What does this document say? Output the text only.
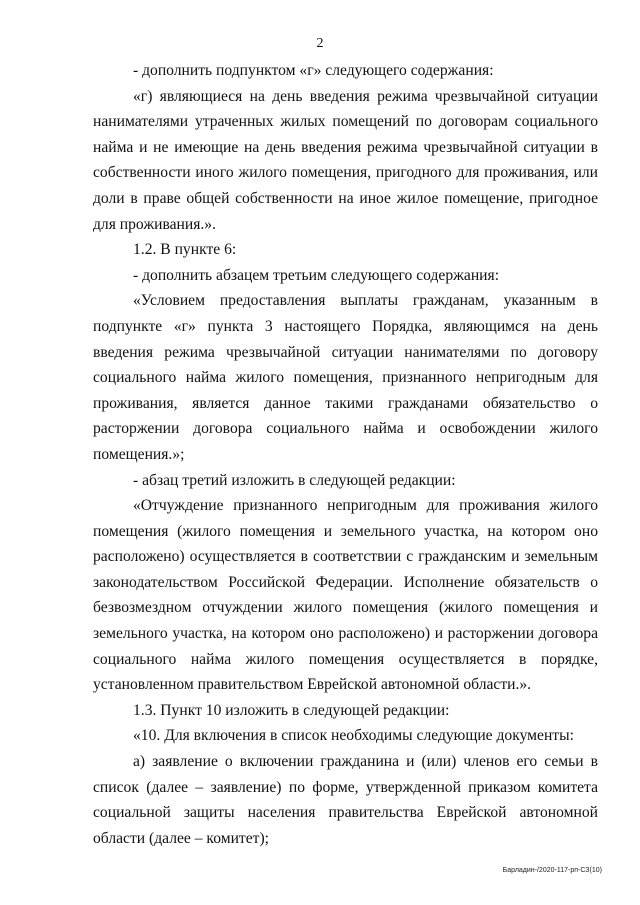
2

- дополнить подпунктом «г» следующего содержания:

«г) являющиеся на день введения режима чрезвычайной ситуации нанимателями утраченных жилых помещений по договорам социального найма и не имеющие на день введения режима чрезвычайной ситуации в собственности иного жилого помещения, пригодного для проживания, или доли в праве общей собственности на иное жилое помещение, пригодное для проживания.».

1.2. В пункте 6:

- дополнить абзацем третьим следующего содержания:

«Условием предоставления выплаты гражданам, указанным в подпункте «г» пункта 3 настоящего Порядка, являющимся на день введения режима чрезвычайной ситуации нанимателями по договору социального найма жилого помещения, признанного непригодным для проживания, является данное такими гражданами обязательство о расторжении договора социального найма и освобождении жилого помещения.»;

- абзац третий изложить в следующей редакции:

«Отчуждение признанного непригодным для проживания жилого помещения (жилого помещения и земельного участка, на котором оно расположено) осуществляется в соответствии с гражданским и земельным законодательством Российской Федерации. Исполнение обязательств о безвозмездном отчуждении жилого помещения (жилого помещения и земельного участка, на котором оно расположено) и расторжении договора социального найма жилого помещения осуществляется в порядке, установленном правительством Еврейской автономной области.».

1.3. Пункт 10 изложить в следующей редакции:

«10. Для включения в список необходимы следующие документы:

а) заявление о включении гражданина и (или) членов его семьи в список (далее – заявление) по форме, утвержденной приказом комитета социальной защиты населения правительства Еврейской автономной области (далее – комитет);

Барладин-/2020-117-рп-СЗ(10)
